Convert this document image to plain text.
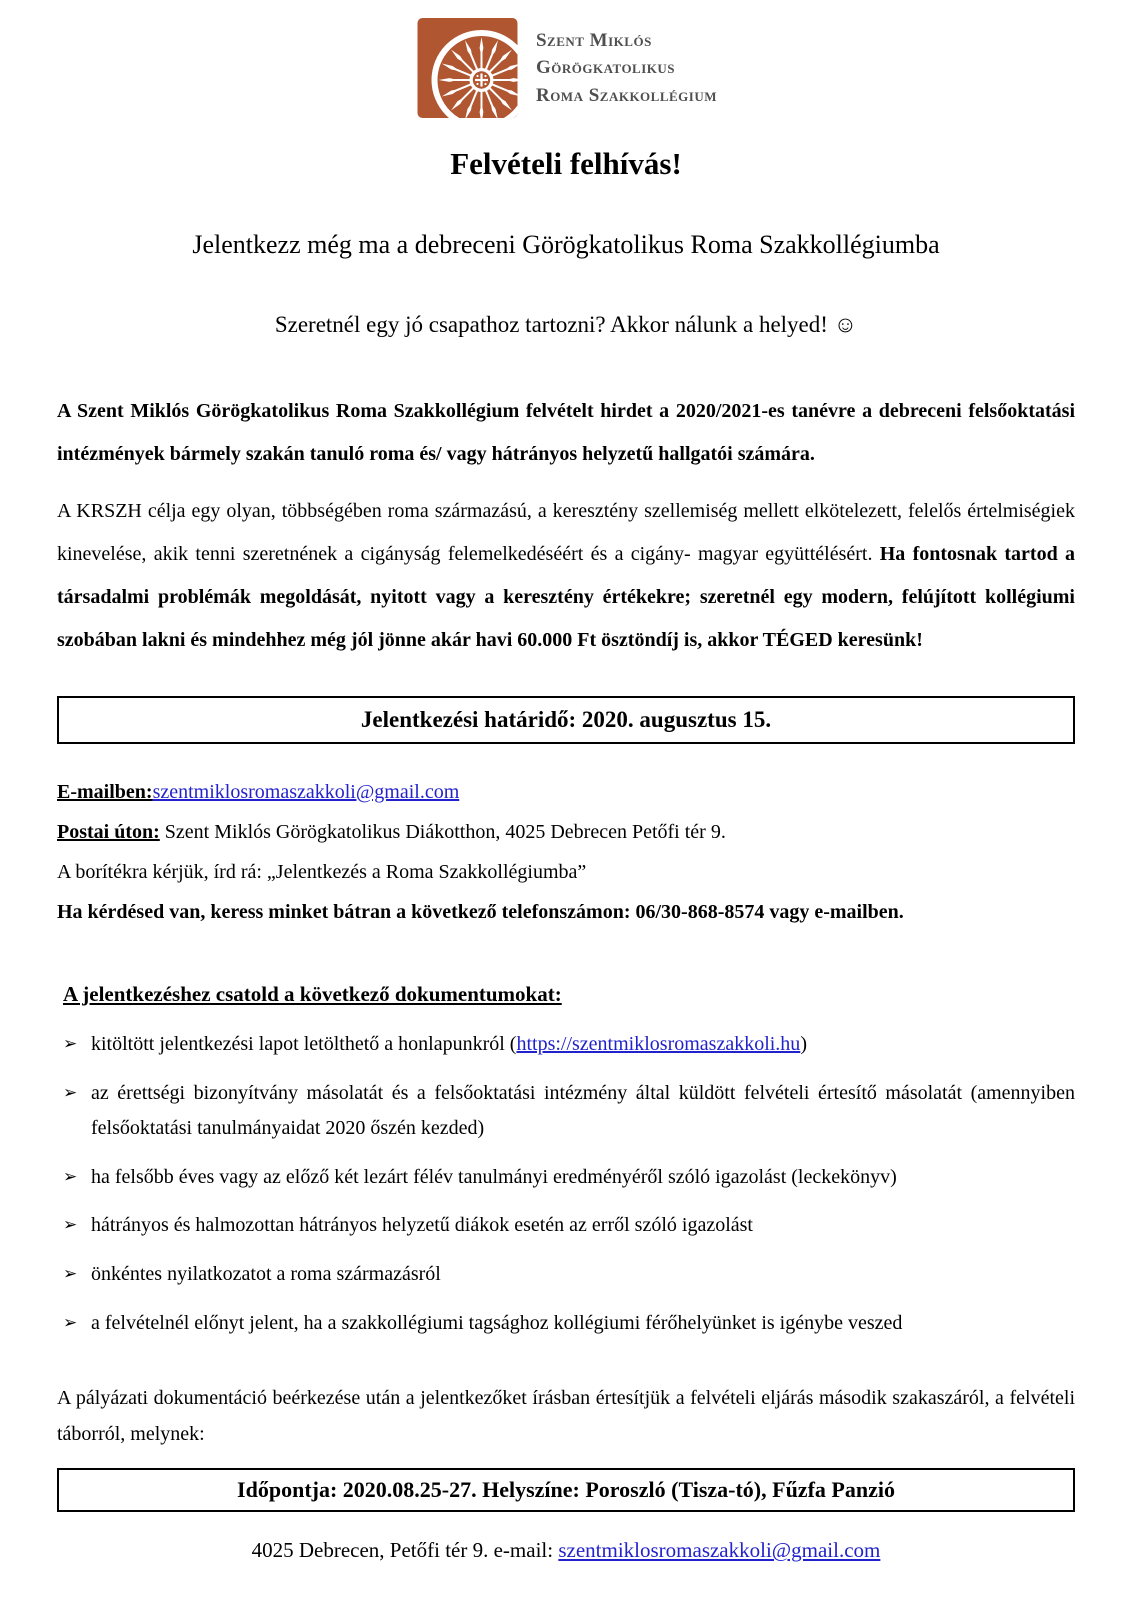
Szent Miklós
Görögkatolikus
Roma Szakkollégium
Felvételi felhívás!
Jelentkezz még ma a debreceni Görögkatolikus Roma Szakkollégiumba
Szeretnél egy jó csapathoz tartozni? Akkor nálunk a helyed! ☺

A Szent Miklós Görögkatolikus Roma Szakkollégium felvételt hirdet a 2020/2021-es tanévre a debreceni felsőoktatási intézmények bármely szakán tanuló roma és/ vagy hátrányos helyzetű hallgatói számára.

A KRSZH célja egy olyan, többségében roma származású, a keresztény szellemiség mellett elkötelezett, felelős értelmiségiek kinevelése, akik tenni szeretnének a cigányság felemelkedéséért és a cigány- magyar együttélésért. Ha fontosnak tartod a társadalmi problémák megoldását, nyitott vagy a keresztény értékekre; szeretnél egy modern, felújított kollégiumi szobában lakni és mindehhez még jól jönne akár havi 60.000 Ft ösztöndíj is, akkor TÉGED keresünk!

Jelentkezési határidő: 2020. augusztus 15.

E-mailben:szentmiklosromaszakkoli@gmail.com

Postai úton: Szent Miklós Görögkatolikus Diákotthon, 4025 Debrecen Petőfi tér 9.

A borítékra kérjük, írd rá: „Jelentkezés a Roma Szakkollégiumba”

Ha kérdésed van, keress minket bátran a következő telefonszámon: 06/30-868-8574 vagy e-mailben.

A jelentkezéshez csatold a következő dokumentumokat:
➢ kitöltött jelentkezési lapot letölthető a honlapunkról (https://szentmiklosromaszakkoli.hu)
➢ az érettségi bizonyítvány másolatát és a felsőoktatási intézmény által küldött felvételi értesítő másolatát (amennyiben felsőoktatási tanulmányaidat 2020 őszén kezded)
➢ ha felsőbb éves vagy az előző két lezárt félév tanulmányi eredményéről szóló igazolást (leckekönyv)
➢ hátrányos és halmozottan hátrányos helyzetű diákok esetén az erről szóló igazolást
➢ önkéntes nyilatkozatot a roma származásról
➢ a felvételnél előnyt jelent, ha a szakkollégiumi tagsághoz kollégiumi férőhelyünket is igénybe veszed

A pályázati dokumentáció beérkezése után a jelentkezőket írásban értesítjük a felvételi eljárás második szakaszáról, a felvételi táborról, melynek:

Időpontja: 2020.08.25-27. Helyszíne: Poroszló (Tisza-tó), Fűzfa Panzió
4025 Debrecen, Petőfi tér 9. e-mail: szentmiklosromaszakkoli@gmail.com
